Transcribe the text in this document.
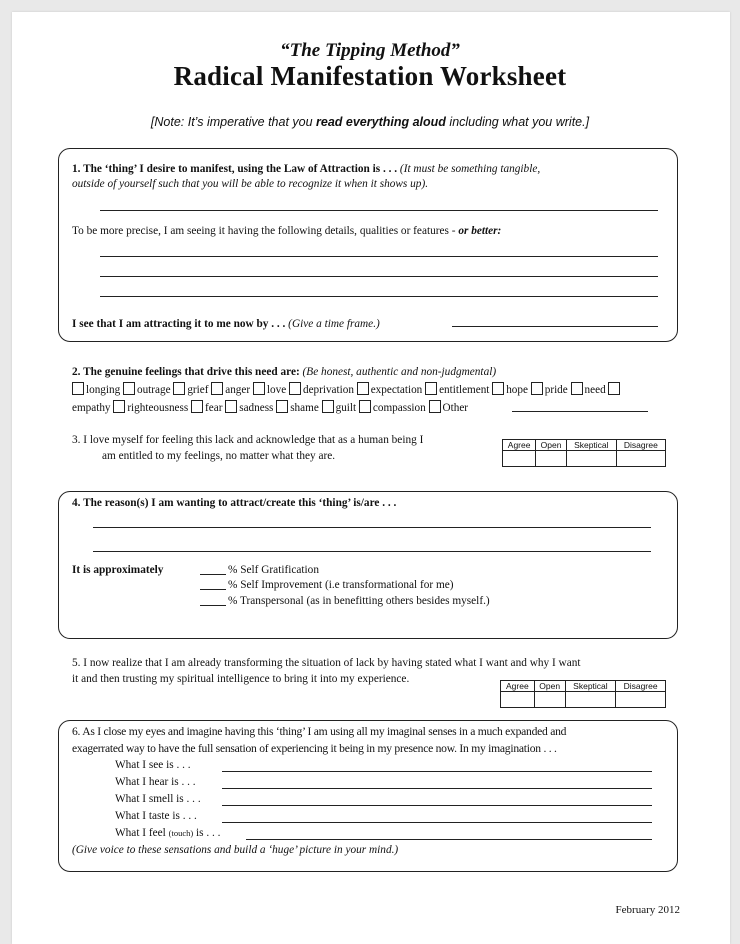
“The Tipping Method”
Radical Manifestation Worksheet
[Note: It’s imperative that you read everything aloud including what you write.]
1. The ‘thing’ I desire to manifest, using the Law of Attraction is . . . (It must be something tangible,
outside of yourself such that you will be able to recognize it when it shows up).
To be more precise, I am seeing it having the following details, qualities or features - or better:
I see that I am attracting it to me now by . . . (Give a time frame.)
2. The genuine feelings that drive this need are: (Be honest, authentic and non-judgmental)
longing outrage grief anger love deprivation expectation entitlement hope pride need
empathy righteousness fear sadness shame guilt compassion Other
3. I love myself for feeling this lack and acknowledge that as a human being I
am entitled to my feelings, no matter what they are.
Agree	Open	Skeptical	Disagree

4. The reason(s) I am wanting to attract/create this ‘thing’ is/are . . .
It is approximately	% Self Gratification
% Self Improvement (i.e transformational for me)
% Transpersonal (as in benefitting others besides myself.)
5. I now realize that I am already transforming the situation of lack by having stated what I want and why I want
it and then trusting my spiritual intelligence to bring it into my experience.
Agree	Open	Skeptical	Disagree

6. As I close my eyes and imagine having this ‘thing’ I am using all my imaginal senses in a much expanded and
exagerrated way to have the full sensation of experiencing it being in my presence now. In my imagination . . .
What I see is . . .
What I hear is . . .
What I smell is . . .
What I taste is . . .
What I feel (touch) is . . .
(Give voice to these sensations and build a ‘huge’ picture in your mind.)
February 2012
